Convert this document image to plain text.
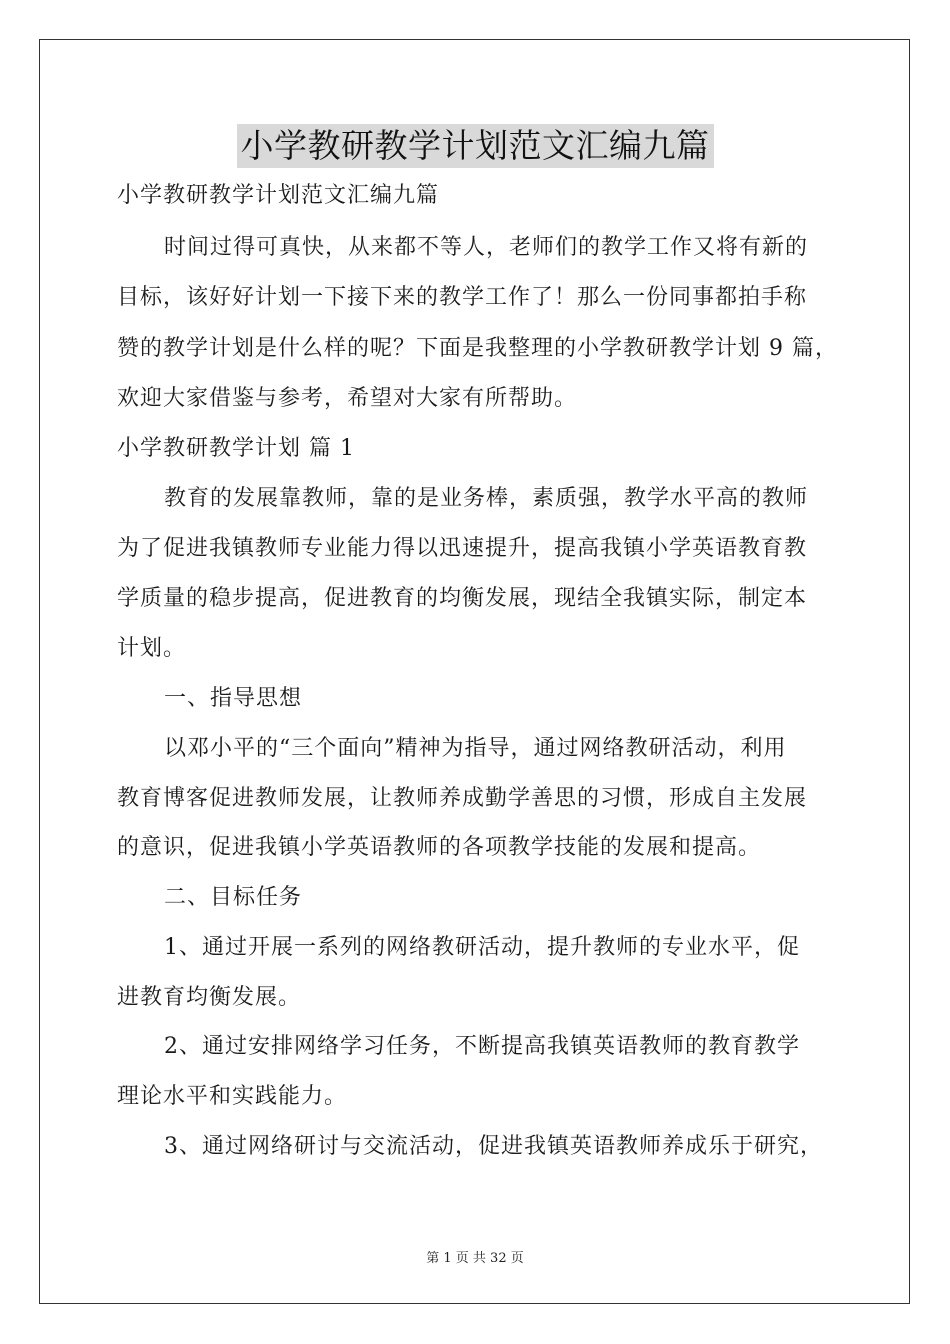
小学教研教学计划范文汇编九篇
小学教研教学计划范文汇编九篇
时间过得可真快，从来都不等人，老师们的教学工作又将有新的
目标，该好好计划一下接下来的教学工作了！那么一份同事都拍手称
赞的教学计划是什么样的呢？下面是我整理的小学教研教学计划 9 篇，
欢迎大家借鉴与参考，希望对大家有所帮助。
小学教研教学计划 篇 1
教育的发展靠教师，靠的是业务棒，素质强，教学水平高的教师
为了促进我镇教师专业能力得以迅速提升，提高我镇小学英语教育教
学质量的稳步提高，促进教育的均衡发展，现结全我镇实际，制定本
计划。
一、指导思想
以邓小平的“三个面向”精神为指导，通过网络教研活动，利用
教育博客促进教师发展，让教师养成勤学善思的习惯，形成自主发展
的意识，促进我镇小学英语教师的各项教学技能的发展和提高。
二、目标任务
1、通过开展一系列的网络教研活动，提升教师的专业水平，促
进教育均衡发展。
2、通过安排网络学习任务，不断提高我镇英语教师的教育教学
理论水平和实践能力。
3、通过网络研讨与交流活动，促进我镇英语教师养成乐于研究，
第 1 页 共 32 页
